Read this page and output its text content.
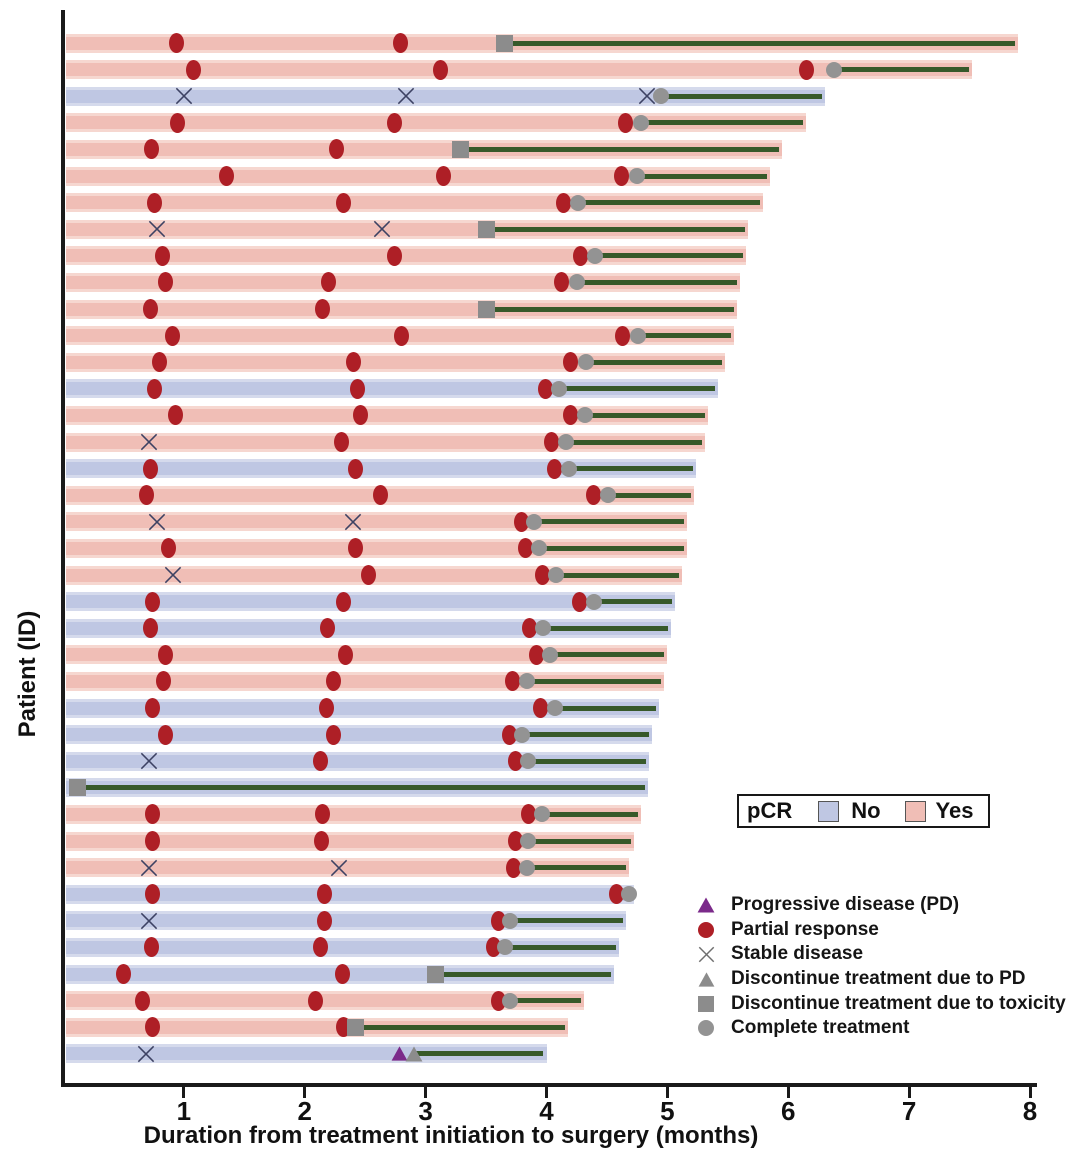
1	2	3	4	5	6	7	8
Patient (ID)
Duration from treatment initiation to surgery (months)
pCR	No	Yes
Progressive disease (PD)
Partial response
Stable disease
Discontinue treatment due to PD
Discontinue treatment due to toxicity
Complete treatment
